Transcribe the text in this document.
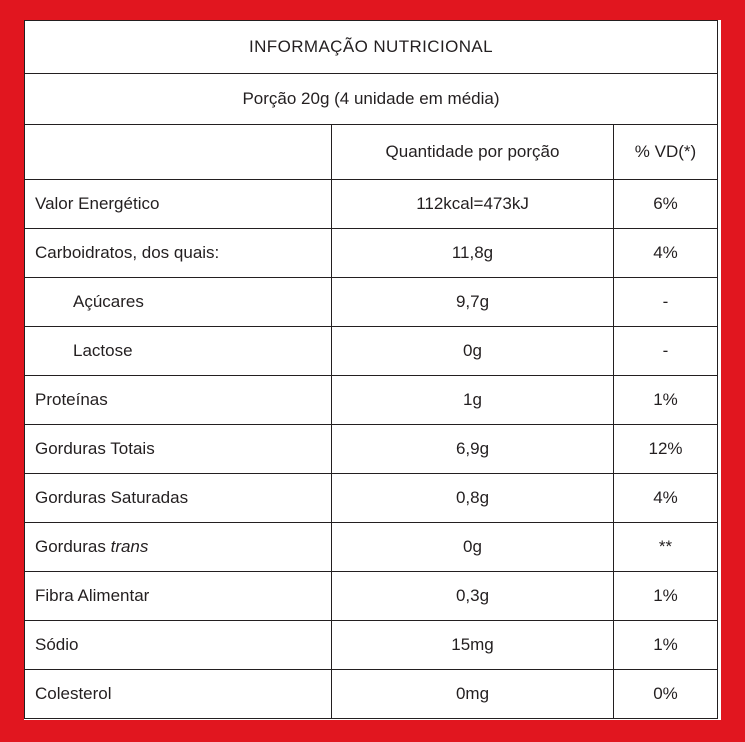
INFORMAÇÃO NUTRICIONAL		
Porção 20g (4 unidade em média)		
	Quantidade por porção	% VD(*)
Valor Energético	112kcal=473kJ	6%
Carboidratos, dos quais:	11,8g	4%
Açúcares	9,7g	-
Lactose	0g	-
Proteínas	1g	1%
Gorduras Totais	6,9g	12%
Gorduras Saturadas	0,8g	4%
Gorduras trans	0g	**
Fibra Alimentar	0,3g	1%
Sódio	15mg	1%
Colesterol	0mg	0%
